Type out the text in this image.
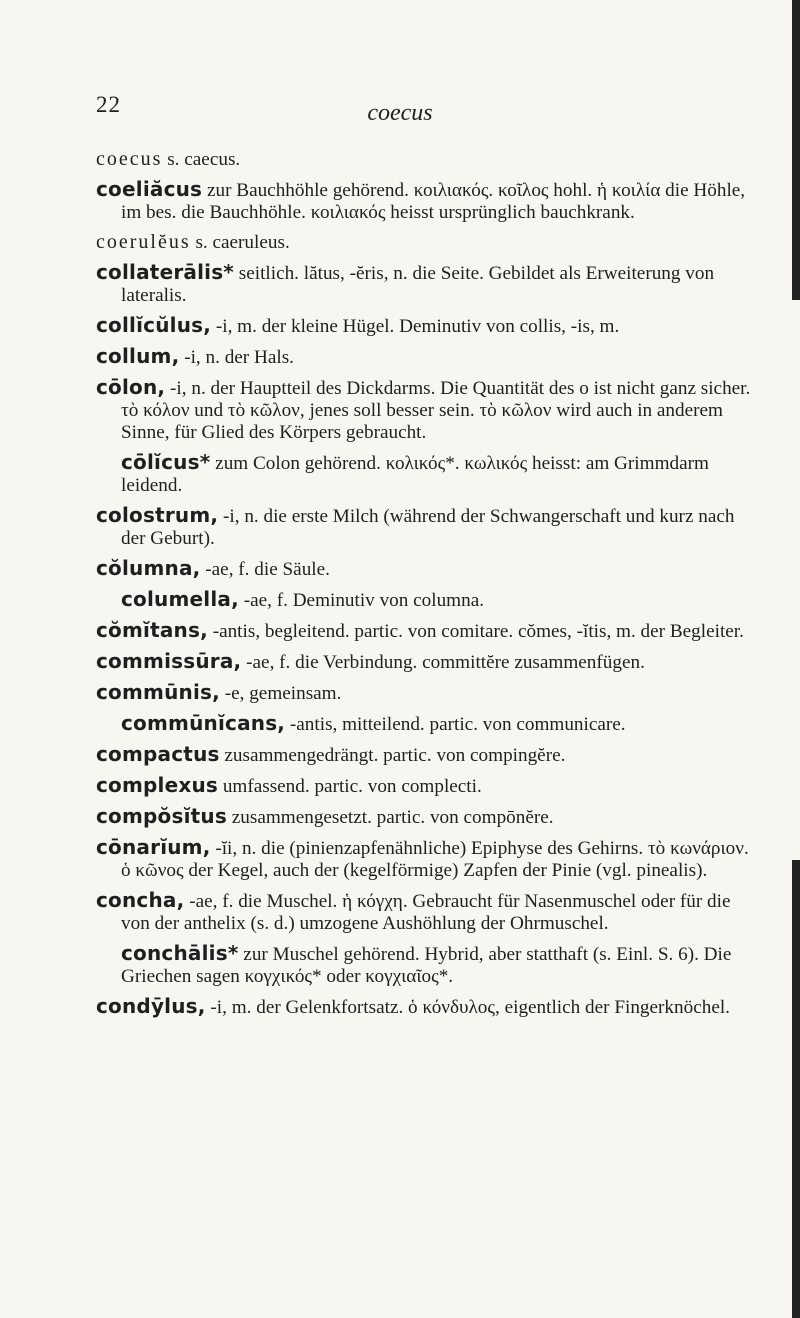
22	coecus

coecus s. caecus.

coeliăcus zur Bauchhöhle gehörend. κοιλιακός. κοῖλος hohl. ἡ κοιλία die Höhle, im bes. die Bauchhöhle. κοιλιακός heisst ursprünglich bauchkrank.

coerulĕus s. caeruleus.

collaterālis* seitlich. lătus, -ĕris, n. die Seite. Gebildet als Erweiterung von lateralis.

collĭcŭlus, -i, m. der kleine Hügel. Deminutiv von collis, -is, m.

collum, -i, n. der Hals.

cōlon, -i, n. der Hauptteil des Dickdarms. Die Quantität des o ist nicht ganz sicher. τὸ κόλον und τὸ κῶλον, jenes soll besser sein. τὸ κῶλον wird auch in anderem Sinne, für Glied des Körpers gebraucht.

cōlĭcus* zum Colon gehörend. κολικός*. κωλικός heisst: am Grimmdarm leidend.

colostrum, -i, n. die erste Milch (während der Schwangerschaft und kurz nach der Geburt).

cŏlumna, -ae, f. die Säule.

columella, -ae, f. Deminutiv von columna.

cŏmĭtans, -antis, begleitend. partic. von comitare. cŏmes, -ĭtis, m. der Begleiter.

commissūra, -ae, f. die Verbindung. committĕre zusammenfügen.

commūnis, -e, gemeinsam.

commūnĭcans, -antis, mitteilend. partic. von communicare.

compactus zusammengedrängt. partic. von compingĕre.

complexus umfassend. partic. von complecti.

compŏsĭtus zusammengesetzt. partic. von compōnĕre.

cōnarĭum, -ĭi, n. die (pinienzapfenähnliche) Epiphyse des Gehirns. τὸ κωνάριον. ὁ κῶνος der Kegel, auch der (kegelförmige) Zapfen der Pinie (vgl. pinealis).

concha, -ae, f. die Muschel. ἡ κόγχη. Gebraucht für Nasenmuschel oder für die von der anthelix (s. d.) umzogene Aushöhlung der Ohrmuschel.

conchālis* zur Muschel gehörend. Hybrid, aber statthaft (s. Einl. S. 6). Die Griechen sagen κογχικός* oder κογχιαῖος*.

condȳlus, -i, m. der Gelenkfortsatz. ὁ κόνδυλος, eigentlich der Fingerknöchel.
